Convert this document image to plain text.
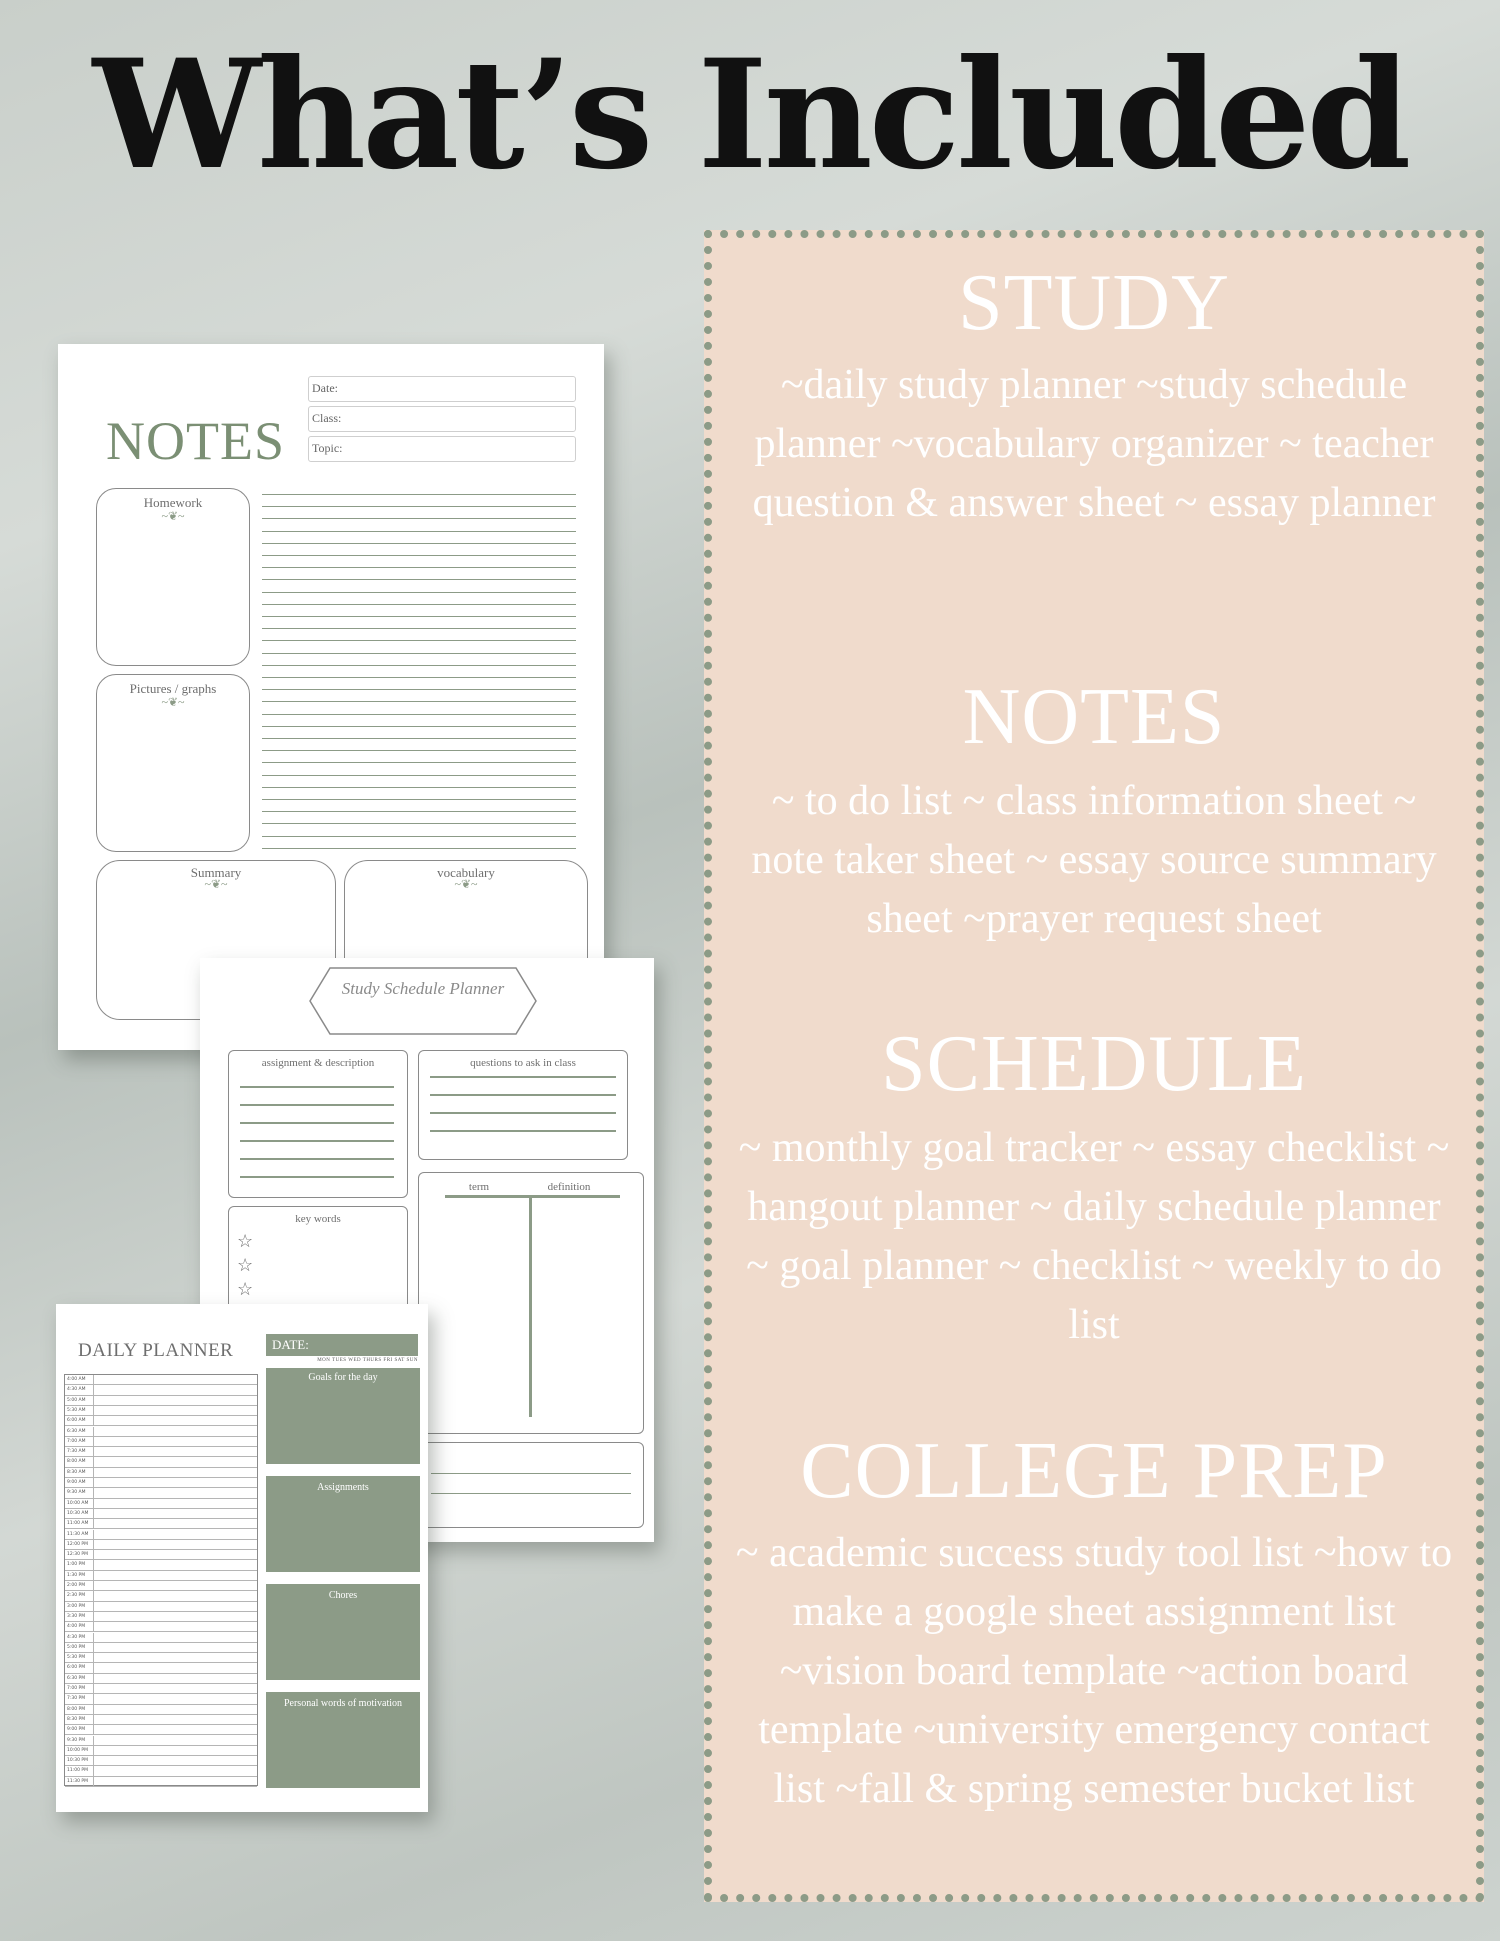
What’s Included
NOTES
Date:
Class:
Topic:
Homework
~❦~
Pictures / graphs
~❦~
Summary
~❦~
vocabulary
~❦~
Study Schedule Planner
assignment & description	questions to ask in class
key words
☆
☆
☆
term	definition
DAILY PLANNER	DATE:
MON TUES WED THURS FRI SAT SUN
Goals for the day
Assignments
Chores
Personal words of motivation
4:00 AM
4:30 AM
5:00 AM
5:30 AM
6:00 AM
6:30 AM
7:00 AM
7:30 AM
8:00 AM
8:30 AM
9:00 AM
9:30 AM
10:00 AM
10:30 AM
11:00 AM
11:30 AM
12:00 PM
12:30 PM
1:00 PM
1:30 PM
2:00 PM
2:30 PM
3:00 PM
3:30 PM
4:00 PM
4:30 PM
5:00 PM
5:30 PM
6:00 PM
6:30 PM
7:00 PM
7:30 PM
8:00 PM
8:30 PM
9:00 PM
9:30 PM
10:00 PM
10:30 PM
11:00 PM
11:30 PM
STUDY
~daily study planner ~study schedule planner ~vocabulary organizer ~ teacher question & answer sheet ~ essay planner
NOTES
~ to do list ~ class information sheet ~ note taker sheet ~ essay source summary sheet ~prayer request sheet
SCHEDULE
~ monthly goal tracker ~ essay checklist ~ hangout planner ~ daily schedule planner ~ goal planner ~ checklist ~ weekly to do list
COLLEGE PREP
~ academic success study tool list ~how to make a google sheet assignment list ~vision board template ~action board template ~university emergency contact list ~fall & spring semester bucket list
